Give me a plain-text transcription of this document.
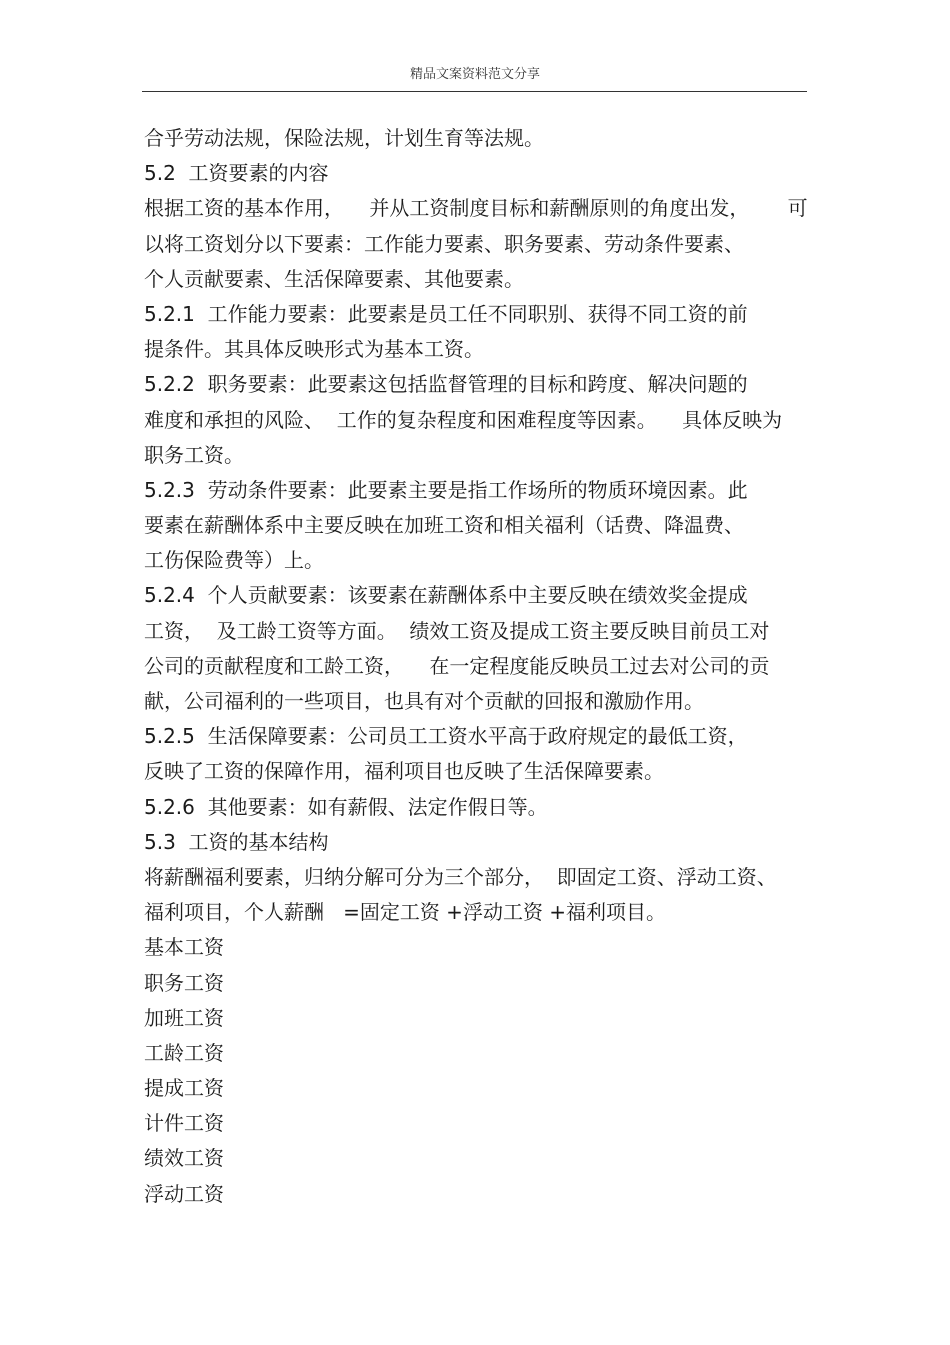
精品文案资料范文分享
合乎劳动法规，保险法规，计划生育等法规。
5.2  工资要素的内容
根据工资的基本作用，    并从工资制度目标和薪酬原则的角度出发，      可
以将工资划分以下要素：工作能力要素、职务要素、劳动条件要素、
个人贡献要素、生活保障要素、其他要素。
5.2.1  工作能力要素：此要素是员工任不同职别、获得不同工资的前
提条件。其具体反映形式为基本工资。
5.2.2  职务要素：此要素这包括监督管理的目标和跨度、解决问题的
难度和承担的风险、  工作的复杂程度和困难程度等因素。    具体反映为
职务工资。
5.2.3  劳动条件要素：此要素主要是指工作场所的物质环境因素。此
要素在薪酬体系中主要反映在加班工资和相关福利（话费、降温费、
工伤保险费等）上。
5.2.4  个人贡献要素：该要素在薪酬体系中主要反映在绩效奖金提成
工资，  及工龄工资等方面。  绩效工资及提成工资主要反映目前员工对
公司的贡献程度和工龄工资，    在一定程度能反映员工过去对公司的贡
献，公司福利的一些项目，也具有对个贡献的回报和激励作用。
5.2.5  生活保障要素：公司员工工资水平高于政府规定的最低工资，
反映了工资的保障作用，福利项目也反映了生活保障要素。
5.2.6  其他要素：如有薪假、法定作假日等。
5.3  工资的基本结构
将薪酬福利要素，归纳分解可分为三个部分，  即固定工资、浮动工资、
福利项目，个人薪酬   =固定工资 +浮动工资 +福利项目。
基本工资
职务工资
加班工资
工龄工资
提成工资
计件工资
绩效工资
浮动工资
